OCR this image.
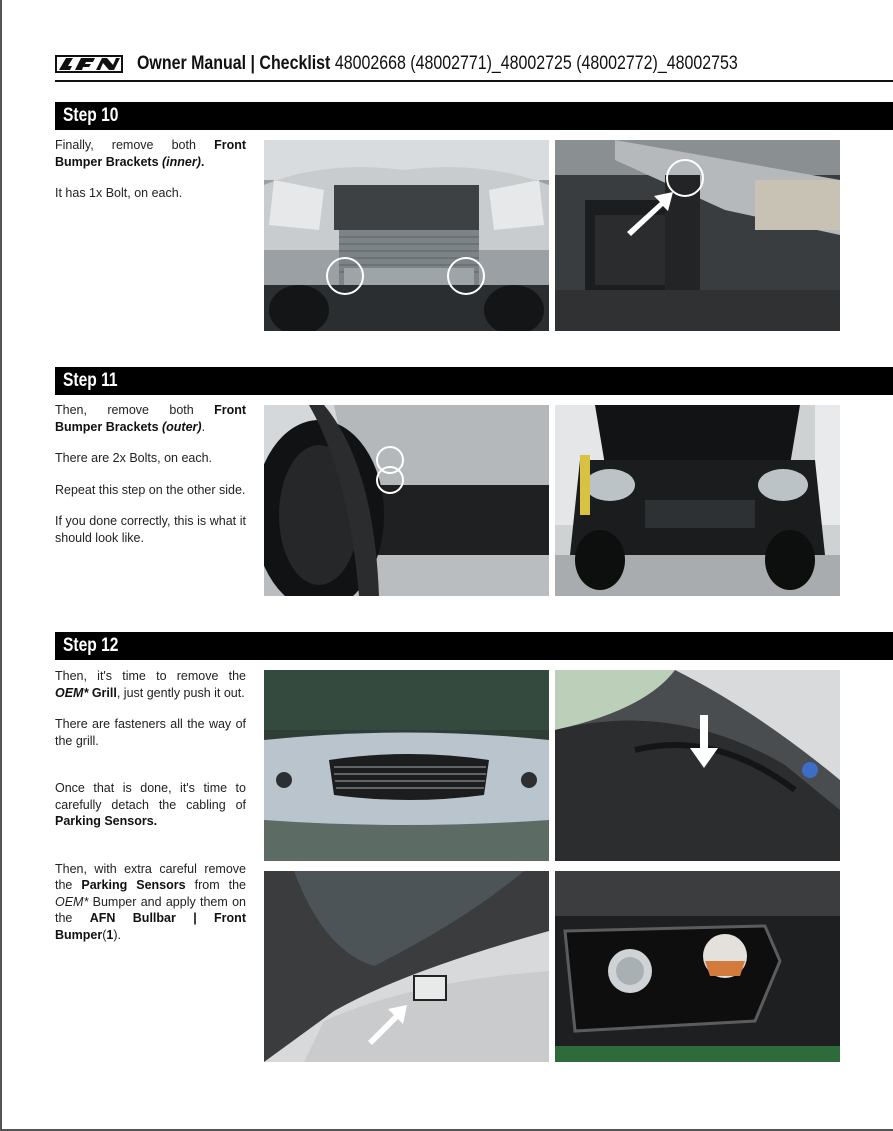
Owner Manual | Checklist 48002668 (48002771)_48002725 (48002772)_48002753
Step 10

Finally, remove both Front Bumper Brackets (inner).

It has 1x Bolt, on each.

Step 11

Then, remove both Front Bumper Brackets (outer).

There are 2x Bolts, on each.

Repeat this step on the other side.

If you done correctly, this is what it should look like.

Step 12

Then, it's time to remove the OEM* Grill, just gently push it out.

There are fasteners all the way of the grill.

Once that is done, it's time to carefully detach the cabling of Parking Sensors.

Then, with extra careful remove the Parking Sensors from the OEM* Bumper and apply them on the AFN Bullbar | Front Bumper(1).
